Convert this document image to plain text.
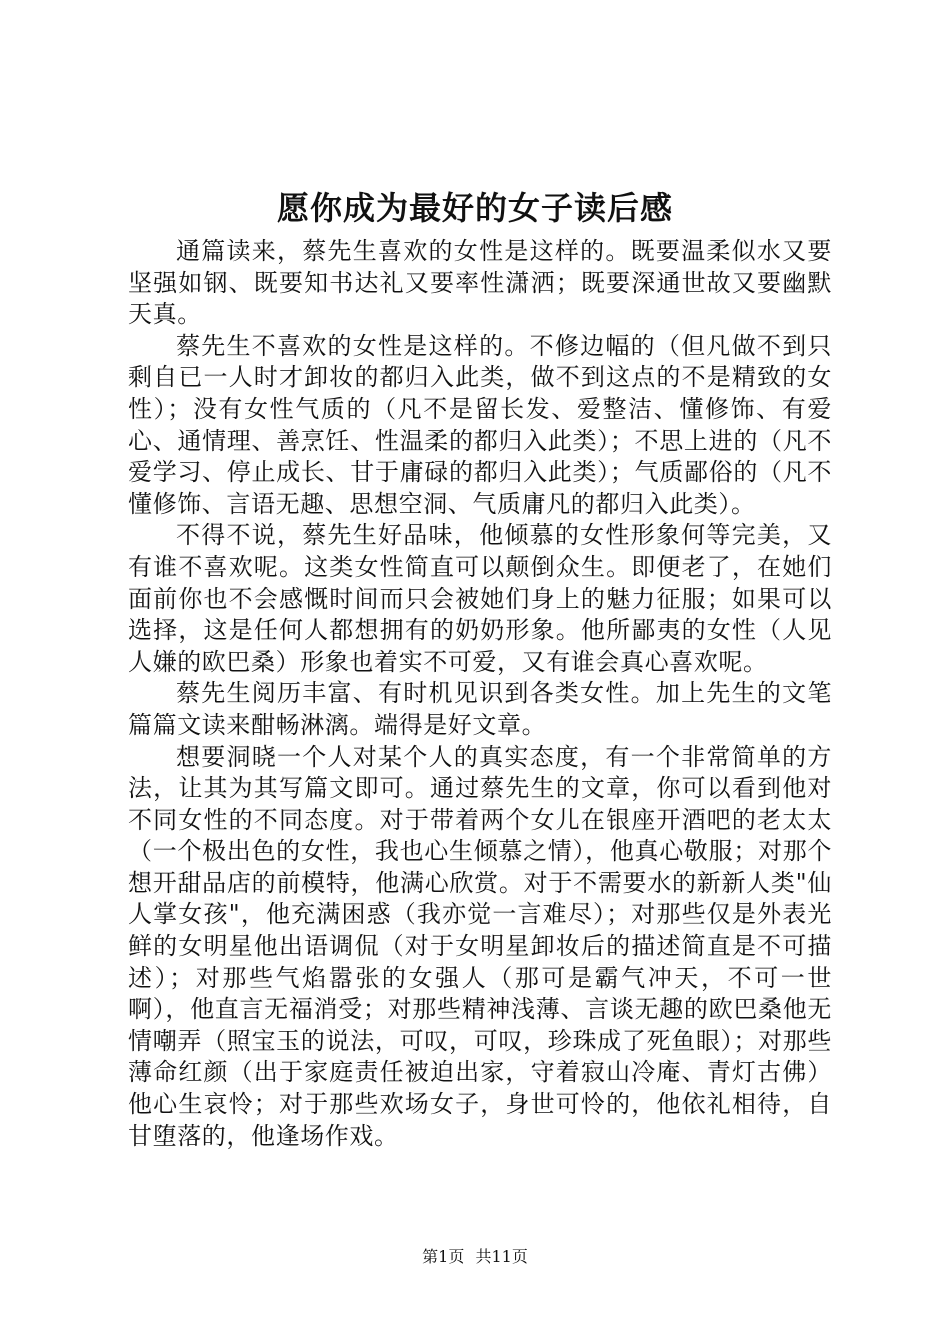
愿你成为最好的女子读后感

通篇读来，蔡先生喜欢的女性是这样的。既要温柔似水又要坚强如钢、既要知书达礼又要率性潇洒；既要深通世故又要幽默天真。

蔡先生不喜欢的女性是这样的。不修边幅的（但凡做不到只剩自已一人时才卸妆的都归入此类，做不到这点的不是精致的女性）；没有女性气质的（凡不是留长发、爱整洁、懂修饰、有爱心、通情理、善烹饪、性温柔的都归入此类）；不思上进的（凡不爱学习、停止成长、甘于庸碌的都归入此类）；气质鄙俗的（凡不懂修饰、言语无趣、思想空洞、气质庸凡的都归入此类）。

不得不说，蔡先生好品味，他倾慕的女性形象何等完美，又有谁不喜欢呢。这类女性简直可以颠倒众生。即便老了，在她们面前你也不会感慨时间而只会被她们身上的魅力征服；如果可以选择，这是任何人都想拥有的奶奶形象。他所鄙夷的女性（人见人嫌的欧巴桑）形象也着实不可爱，又有谁会真心喜欢呢。

蔡先生阅历丰富、有时机见识到各类女性。加上先生的文笔篇篇文读来酣畅淋漓。端得是好文章。

想要洞晓一个人对某个人的真实态度，有一个非常简单的方法，让其为其写篇文即可。通过蔡先生的文章，你可以看到他对不同女性的不同态度。对于带着两个女儿在银座开酒吧的老太太（一个极出色的女性，我也心生倾慕之情），他真心敬服；对那个想开甜品店的前模特，他满心欣赏。对于不需要水的新新人类"仙人掌女孩"，他充满困惑（我亦觉一言难尽）；对那些仅是外表光鲜的女明星他出语调侃（对于女明星卸妆后的描述简直是不可描述）；对那些气焰嚣张的女强人（那可是霸气冲天，不可一世啊），他直言无福消受；对那些精神浅薄、言谈无趣的欧巴桑他无情嘲弄（照宝玉的说法，可叹，可叹，珍珠成了死鱼眼）；对那些薄命红颜（出于家庭责任被迫出家，守着寂山冷庵、青灯古佛）他心生哀怜；对于那些欢场女子，身世可怜的，他依礼相待，自甘堕落的，他逢场作戏。

第1页 共11页
